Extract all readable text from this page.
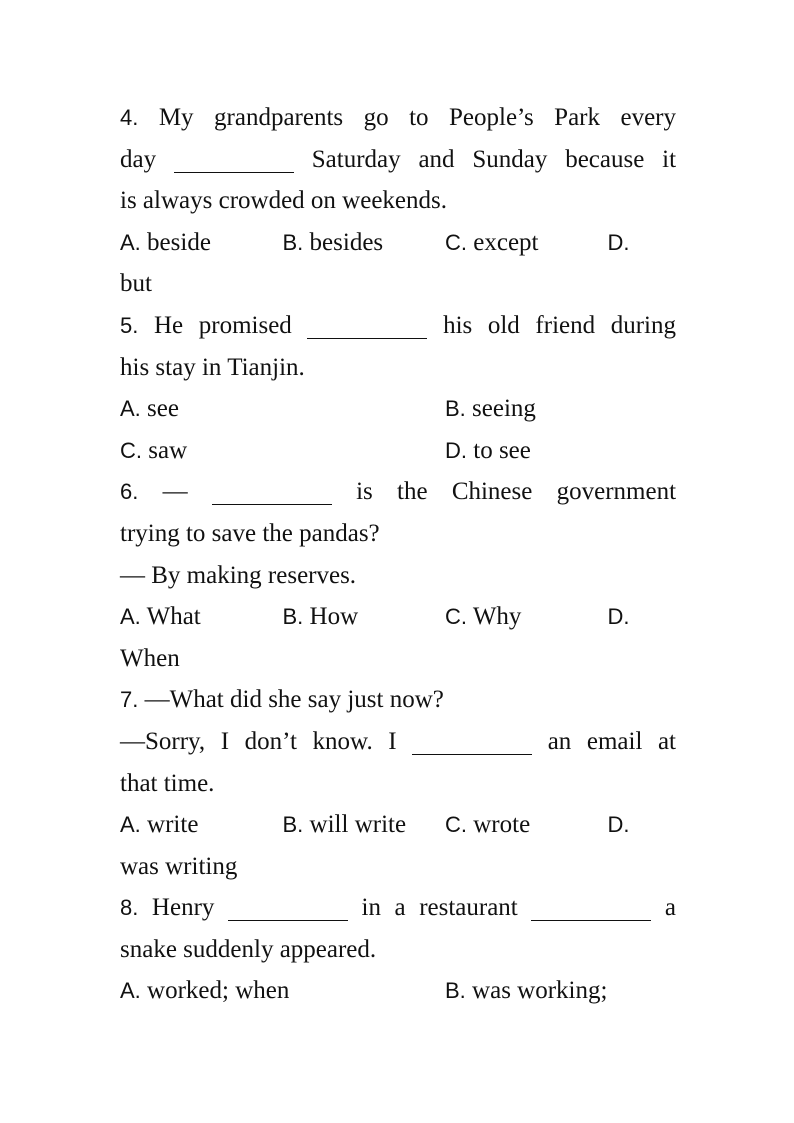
4. My grandparents go to People’s Park every
day	Saturday and Sunday because it
is always crowded on weekends.
A. beside	B. besides	C. except	D.
but
5. He promised	his old friend during
his stay in Tianjin.
A. see	B. seeing
C. saw	D. to see
6. —	is the Chinese government
trying to save the pandas?
— By making reserves.
A. What	B. How	C. Why	D.
When
7. —What did she say just now?
—Sorry, I don’t know. I	an email at
that time.
A. write	B. will write	C. wrote	D.
was writing
8. Henry	in a restaurant	a
snake suddenly appeared.
A. worked; when	B. was working;
